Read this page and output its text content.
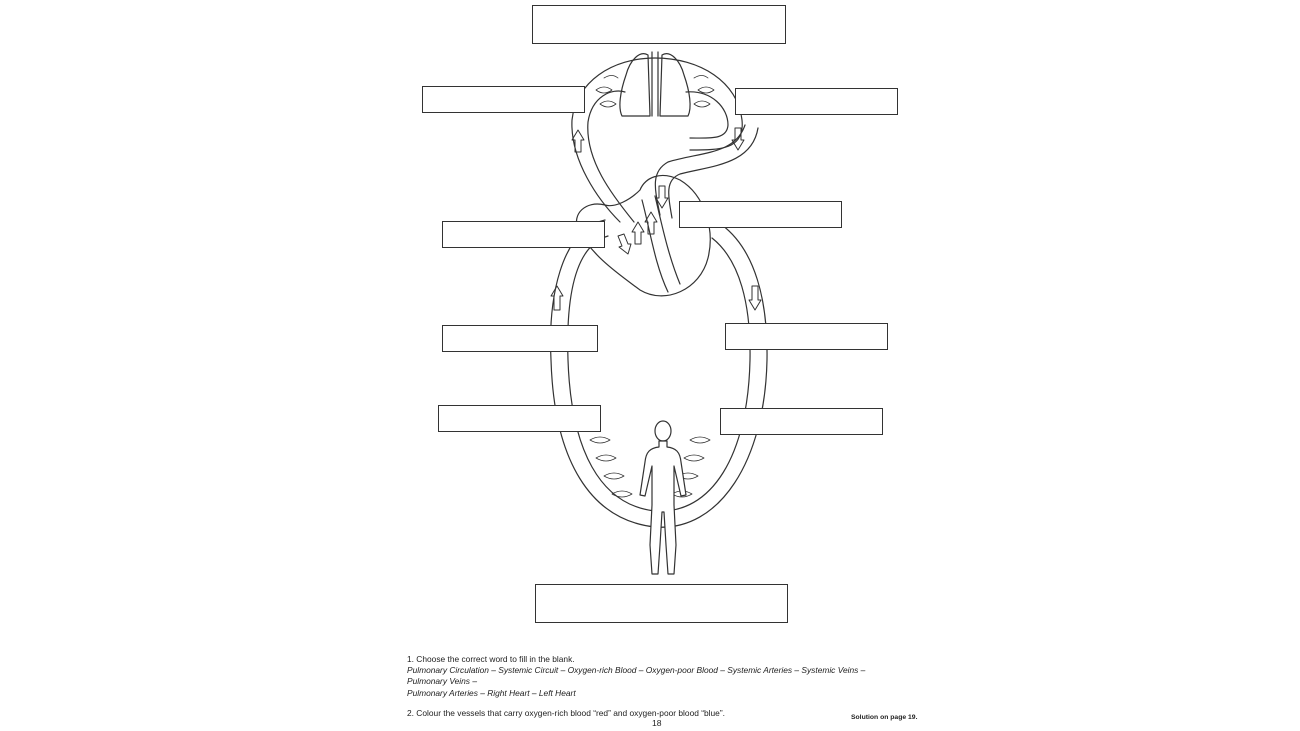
1. Choose the correct word to fill in the blank.

Pulmonary Circulation – Systemic Circuit – Oxygen-rich Blood – Oxygen-poor Blood – Systemic Arteries – Systemic Veins – Pulmonary Veins –

Pulmonary Arteries – Right Heart – Left Heart

2. Colour the vessels that carry oxygen-rich blood “red” and oxygen-poor blood “blue”.

18
Solution on page 19.
